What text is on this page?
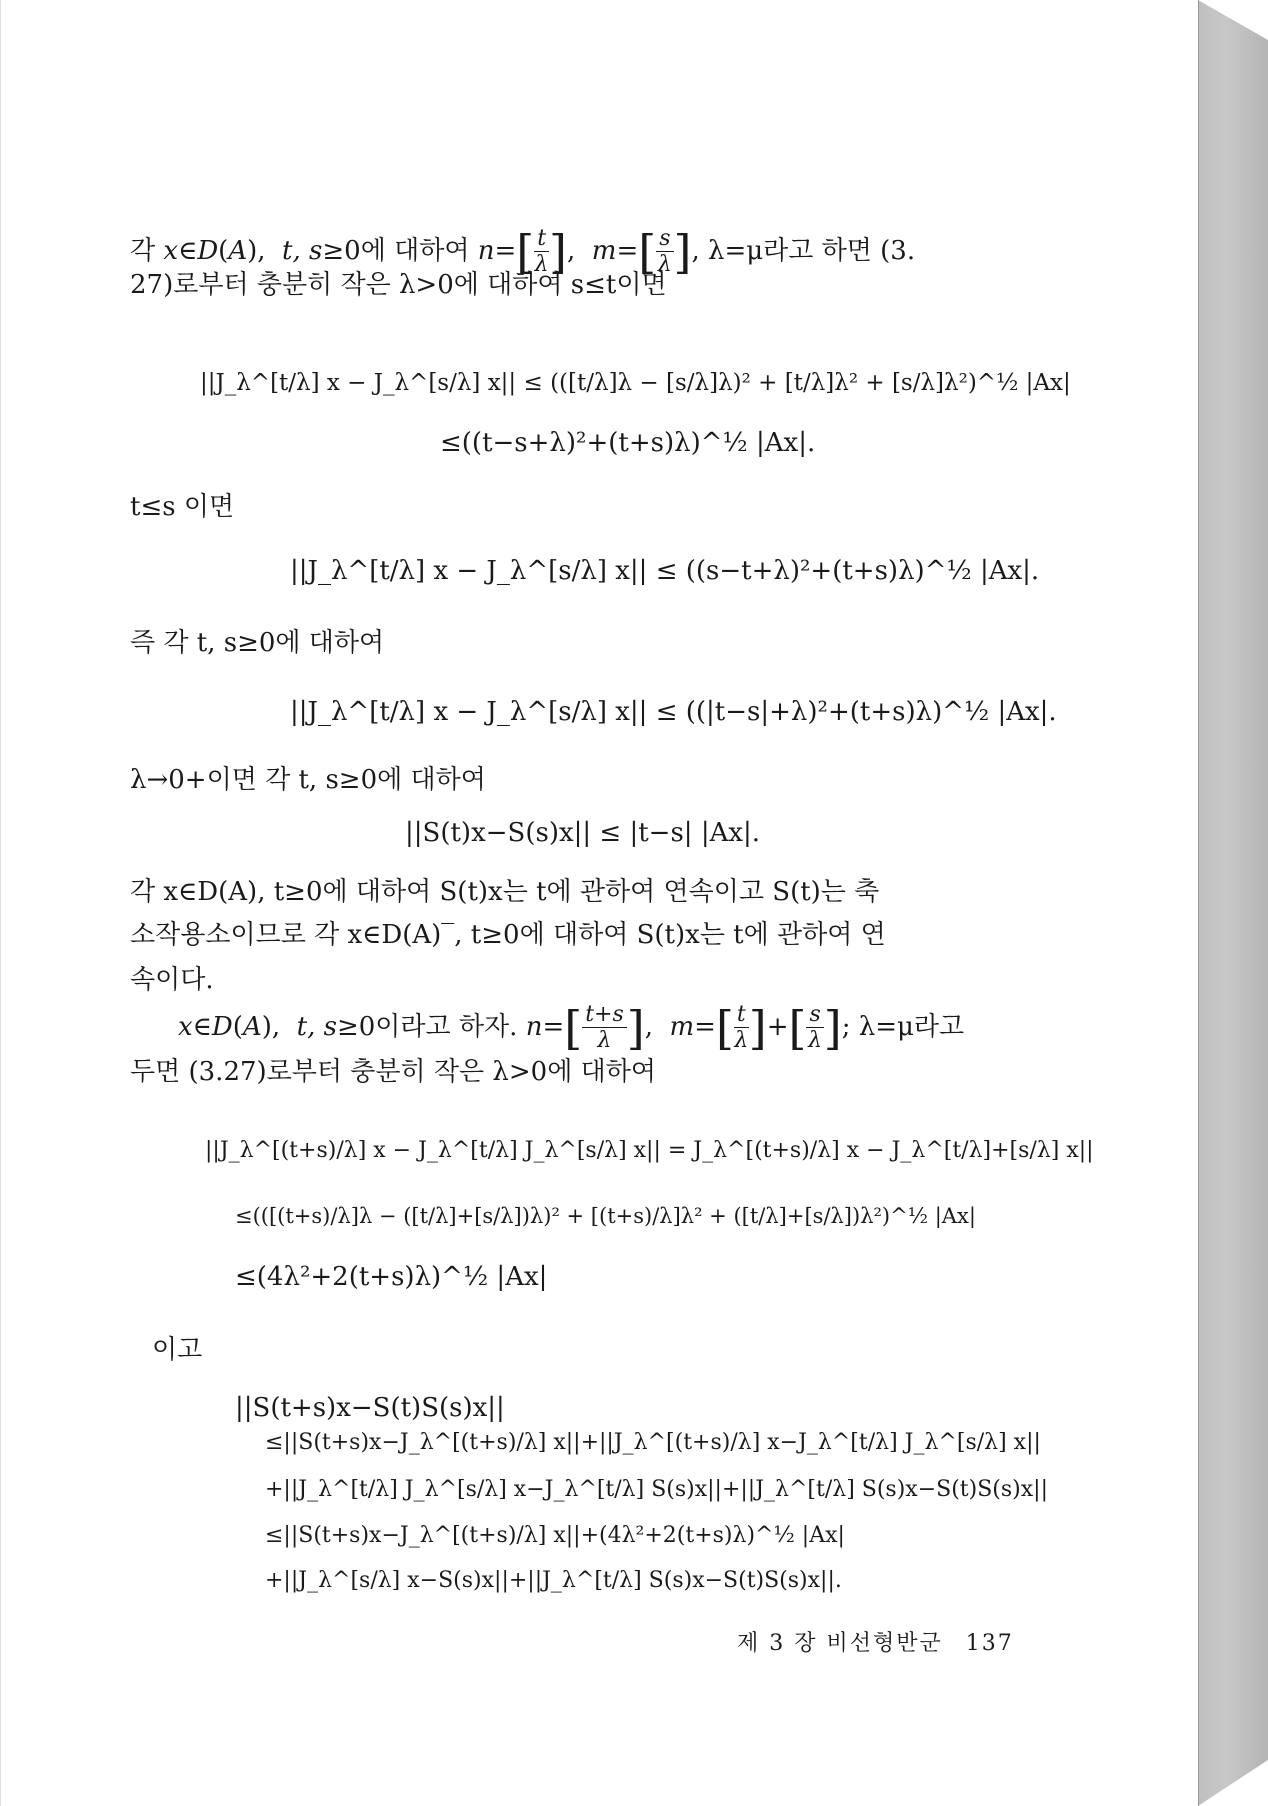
각 x∈D(A),  t, s≥0에 대하여 $n=[ \frac{t}{\lambda}$ ],  $m=[ \frac{s}{\lambda}$ ], λ=μ라고 하면 (3.
27)로부터 충분히 작은 λ>0에 대하여 s≤t이면
||J_λ^[t/λ] x − J_λ^[s/λ] x|| ≤ (([t/λ]λ − [s/λ]λ)² + [t/λ]λ² + [s/λ]λ²)^½ |Ax|
≤((t−s+λ)²+(t+s)λ)^½ |Ax|.
t≤s 이면
||J_λ^[t/λ] x − J_λ^[s/λ] x|| ≤ ((s−t+λ)²+(t+s)λ)^½ |Ax|.
즉 각 t, s≥0에 대하여
||J_λ^[t/λ] x − J_λ^[s/λ] x|| ≤ ((|t−s|+λ)²+(t+s)λ)^½ |Ax|.
λ→0+이면 각 t, s≥0에 대하여
||S(t)x−S(s)x|| ≤ |t−s| |Ax|.
각 x∈D(A), t≥0에 대하여 S(t)x는 t에 관하여 연속이고 S(t)는 축
소작용소이므로 각 x∈D(A)‾, t≥0에 대하여 S(t)x는 t에 관하여 연
속이다.
x∈D(A),  t, s≥0이라고 하자. $n=[ \frac{t+s}{\lambda}$ ],  $m=[ \frac{t}{\lambda}$ ]+[ $\frac{s}{\lambda}$ ]; λ=μ라고
두면 (3.27)로부터 충분히 작은 λ>0에 대하여
||J_λ^[(t+s)/λ] x − J_λ^[t/λ] J_λ^[s/λ] x|| = J_λ^[(t+s)/λ] x − J_λ^[t/λ]+[s/λ] x||
≤(([(t+s)/λ]λ − ([t/λ]+[s/λ])λ)² + [(t+s)/λ]λ² + ([t/λ]+[s/λ])λ²)^½ |Ax|
≤(4λ²+2(t+s)λ)^½ |Ax|
이고
||S(t+s)x−S(t)S(s)x||
≤||S(t+s)x−J_λ^[(t+s)/λ] x||+||J_λ^[(t+s)/λ] x−J_λ^[t/λ] J_λ^[s/λ] x||
+||J_λ^[t/λ] J_λ^[s/λ] x−J_λ^[t/λ] S(s)x||+||J_λ^[t/λ] S(s)x−S(t)S(s)x||
≤||S(t+s)x−J_λ^[(t+s)/λ] x||+(4λ²+2(t+s)λ)^½ |Ax|
+||J_λ^[s/λ] x−S(s)x||+||J_λ^[t/λ] S(s)x−S(t)S(s)x||.
제 3 장 비선형반군 137
